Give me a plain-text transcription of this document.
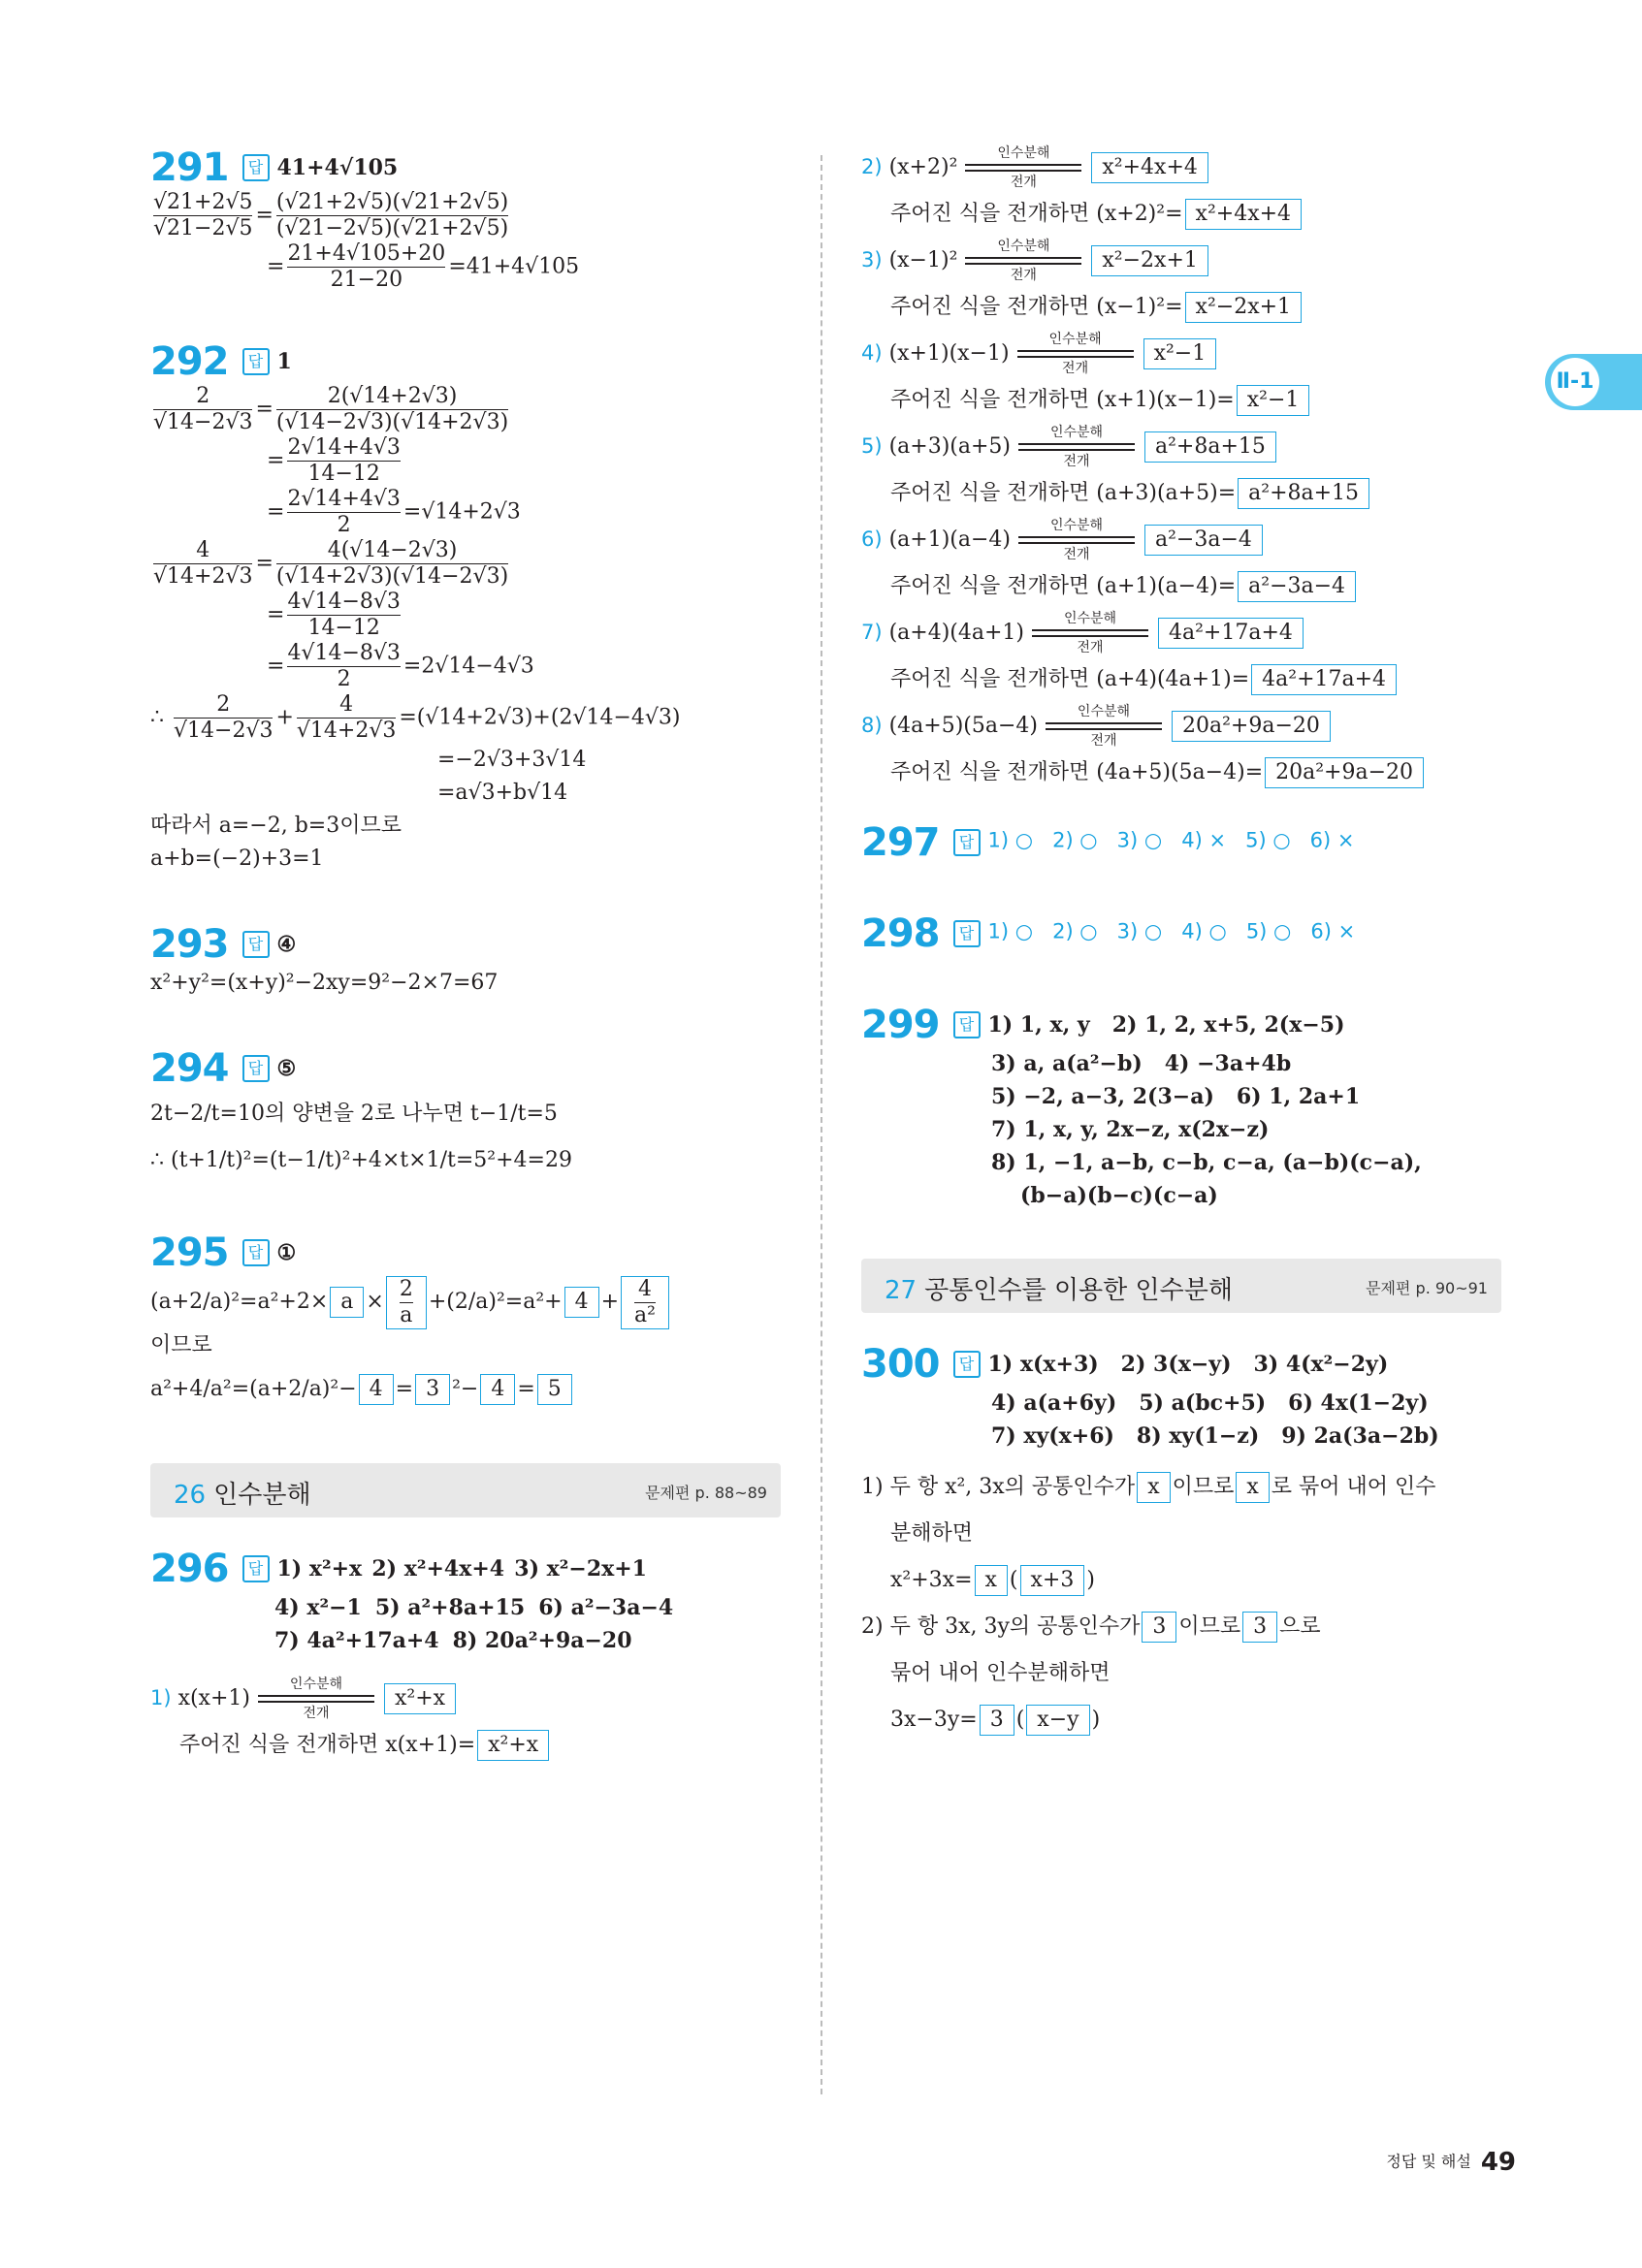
Ⅱ-1
291 답 41+4√105
$\frac{√21+2√5}{√21-2√5} = \frac{(√21+2√5)(√21+2√5)}{(√21-2√5)(√21+2√5)}$
= $\frac{21+4√105+20}{21-20} =41+4√105$
292 답 1
$\frac{2}{√14-2√3} = \frac{2(√14+2√3)}{(√14-2√3)(√14+2√3)}$
= $\frac{2√14+4√3}{14-12}$
= $\frac{2√14+4√3}{2} =√14+2√3$
$\frac{4}{√14+2√3} = \frac{4(√14-2√3)}{(√14+2√3)(√14-2√3)}$
= $\frac{4√14-8√3}{14-12}$
= $\frac{4√14-8√3}{2} =2√14-4√3$
∴ $\frac{2}{√14-2√3} + \frac{4}{√14+2√3} =(√14+2√3)+(2√14-4√3)$
=−2√3+3√14
=a√3+b√14
따라서 a=−2, b=3이므로
a+b=(−2)+3=1
293 답 ④
x²+y²=(x+y)²−2xy=9²−2×7=67
294 답 ⑤
2t−2/t=10의 양변을 2로 나누면 t−1/t=5
∴ (t+1/t)²=(t−1/t)²+4×t×1/t=5²+4=29
295 답 ①
$(a+2/a)^2=a^2+2\times a \times \frac{2}{a} +(2/a)^2=a^2+ 4 + \frac{4}{\text{a²}}$
이므로
a²+4/a²=(a+2/a)²− 4 = 3 ²− 4 = 5
26 인수분해	문제편 p. 88~89
296 답 1) x²+x 2) x²+4x+4 3) x²−2x+1
4) x²−1 5) a²+8a+15 6) a²−3a−4
7) 4a²+17a+4 8) 20a²+9a−20
1) x(x+1)
인수분해
전개
x²+x
주어진 식을 전개하면 x(x+1)= x²+x
2) (x+2)²
인수분해
전개
x²+4x+4
주어진 식을 전개하면 (x+2)²= x²+4x+4
3) (x−1)²
인수분해
전개
x²−2x+1
주어진 식을 전개하면 (x−1)²= x²−2x+1
4) (x+1)(x−1)
인수분해
전개
x²−1
주어진 식을 전개하면 (x+1)(x−1)= x²−1
5) (a+3)(a+5)
인수분해
전개
a²+8a+15
주어진 식을 전개하면 (a+3)(a+5)= a²+8a+15
6) (a+1)(a−4)
인수분해
전개
a²−3a−4
주어진 식을 전개하면 (a+1)(a−4)= a²−3a−4
7) (a+4)(4a+1)
인수분해
전개
4a²+17a+4
주어진 식을 전개하면 (a+4)(4a+1)= 4a²+17a+4
8) (4a+5)(5a−4)
인수분해
전개
20a²+9a−20
주어진 식을 전개하면 (4a+5)(5a−4)= 20a²+9a−20
297 답 1) ○   2) ○   3) ○   4) ×   5) ○   6) ×
298 답 1) ○   2) ○   3) ○   4) ○   5) ○   6) ×
299 답 1) 1, x, y   2) 1, 2, x+5, 2(x−5)
3) a, a(a²−b)   4) −3a+4b
5) −2, a−3, 2(3−a)   6) 1, 2a+1
7) 1, x, y, 2x−z, x(2x−z)
8) 1, −1, a−b, c−b, c−a, (a−b)(c−a),
(b−a)(b−c)(c−a)
27 공통인수를 이용한 인수분해	문제편 p. 90~91
300 답 1) x(x+3)   2) 3(x−y)   3) 4(x²−2y)
4) a(a+6y)   5) a(bc+5)   6) 4x(1−2y)
7) xy(x+6)   8) xy(1−z)   9) 2a(3a−2b)
1) 두 항 x², 3x의 공통인수가 x 이므로 x 로 묶어 내어 인수
분해하면
x²+3x= x ( x+3 )
2) 두 항 3x, 3y의 공통인수가 3 이므로 3 으로
묶어 내어 인수분해하면
3x−3y= 3 ( x−y )
정답 및 해설 49
